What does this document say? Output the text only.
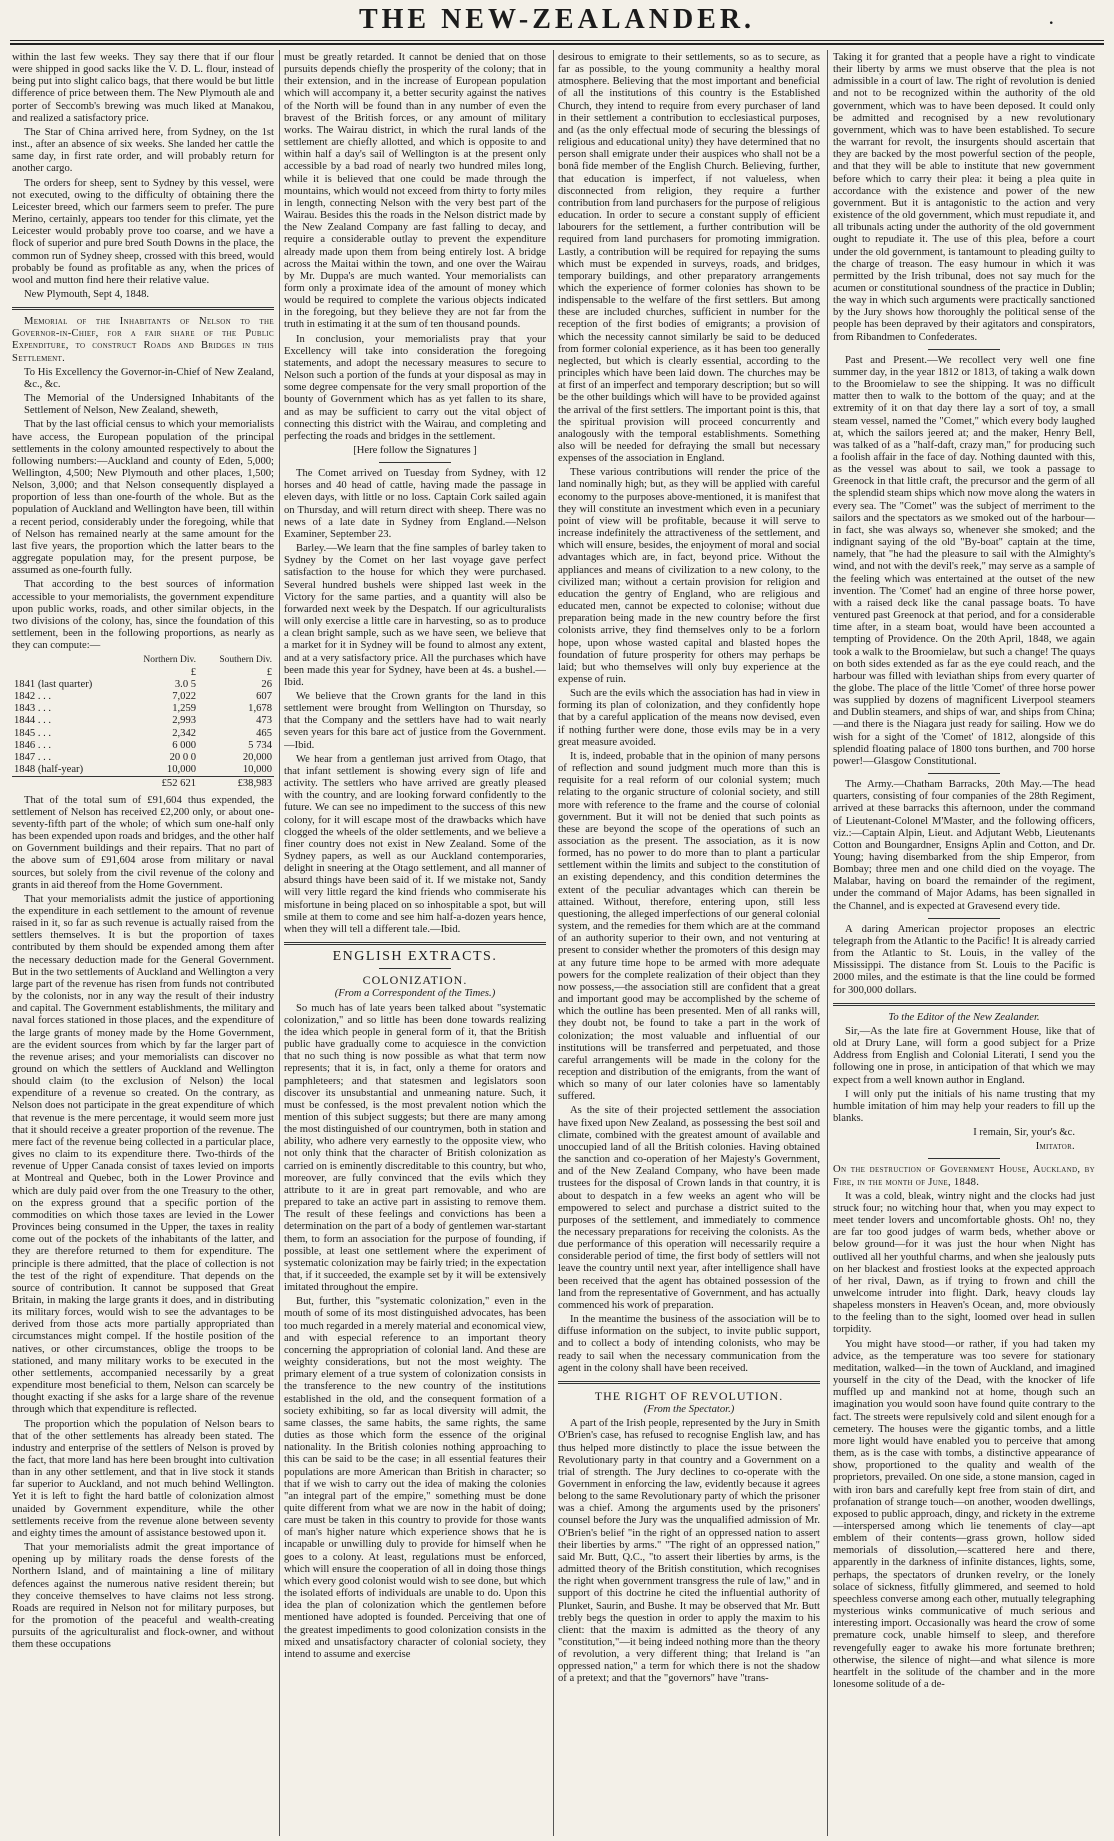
THE NEW-ZEALANDER.	.

within the last few weeks. They say there that if our flour were shipped in good sacks like the V. D. L. flour, instead of being put into slight calico bags, that there would be but little difference of price between them. The New Plymouth ale and porter of Seccomb's brewing was much liked at Manakou, and realized a satisfactory price.

The Star of China arrived here, from Sydney, on the 1st inst., after an absence of six weeks. She landed her cattle the same day, in first rate order, and will probably return for another cargo.

The orders for sheep, sent to Sydney by this vessel, were not executed, owing to the difficulty of obtaining there the Leicester breed, which our farmers seem to prefer. The pure Merino, certainly, appears too tender for this climate, yet the Leicester would probably prove too coarse, and we have a flock of superior and pure bred South Downs in the place, the common run of Sydney sheep, crossed with this breed, would probably be found as profitable as any, when the prices of wool and mutton find here their relative value.

New Plymouth, Sept 4, 1848.

Memorial of the Inhabitants of Nelson to the Governor-in-Chief, for a fair share of the Public Expenditure, to construct Roads and Bridges in this Settlement.

To His Excellency the Governor-in-Chief of New Zealand, &c., &c.

The Memorial of the Undersigned Inhabitants of the Settlement of Nelson, New Zealand, sheweth,

That by the last official census to which your memorialists have access, the European population of the principal settlements in the colony amounted respectively to about the following numbers:—Auckland and county of Eden, 5,000; Wellington, 4,500; New Plymouth and other places, 1,500; Nelson, 3,000; and that Nelson consequently displayed a proportion of less than one-fourth of the whole. But as the population of Auckland and Wellington have been, till within a recent period, considerably under the foregoing, while that of Nelson has remained nearly at the same amount for the last five years, the proportion which the latter bears to the aggregate population may, for the present purpose, be assumed as one-fourth fully.

That according to the best sources of information accessible to your memorialists, the government expenditure upon public works, roads, and other similar objects, in the two divisions of the colony, has, since the foundation of this settlement, been in the following proportions, as nearly as they can compute:—

	Northern Div.	Southern Div.
	£	£
1841 (last quarter)	3.0 5	26
1842 . . .	7,022	607
1843 . . .	1,259	1,678
1844 . . .	2,993	473
1845 . . .	2,342	465
1846 . . .	6 000	5 734
1847 . . .	20 0 0	20,000
1848 (half-year)	10,000	10,000
	£52 621	£38,983

That of the total sum of £91,604 thus expended, the settlement of Nelson has received £2,200 only, or about one-seventy-fifth part of the whole; of which sum one-half only has been expended upon roads and bridges, and the other half on Government buildings and their repairs. That no part of the above sum of £91,604 arose from military or naval sources, but solely from the civil revenue of the colony and grants in aid thereof from the Home Government.

That your memorialists admit the justice of apportioning the expenditure in each settlement to the amount of revenue raised in it, so far as such revenue is actually raised from the settlers themselves. It is but the proportion of taxes contributed by them should be expended among them after the necessary deduction made for the General Government. But in the two settlements of Auckland and Wellington a very large part of the revenue has risen from funds not contributed by the colonists, nor in any way the result of their industry and capital. The Government establishments, the military and naval forces stationed in those places, and the expenditure of the large grants of money made by the Home Government, are the evident sources from which by far the larger part of the revenue arises; and your memorialists can discover no ground on which the settlers of Auckland and Wellington should claim (to the exclusion of Nelson) the local expenditure of a revenue so created. On the contrary, as Nelson does not participate in the great expenditure of which that revenue is the mere percentage, it would seem more just that it should receive a greater proportion of the revenue. The mere fact of the revenue being collected in a particular place, gives no claim to its expenditure there. Two-thirds of the revenue of Upper Canada consist of taxes levied on imports at Montreal and Quebec, both in the Lower Province and which are duly paid over from the one Treasury to the other, on the express ground that a specific portion of the commodities on which those taxes are levied in the Lower Provinces being consumed in the Upper, the taxes in reality come out of the pockets of the inhabitants of the latter, and they are therefore returned to them for expenditure. The principle is there admitted, that the place of collection is not the test of the right of expenditure. That depends on the source of contribution. It cannot be supposed that Great Britain, in making the large grants it does, and in distributing its military forces, would wish to see the advantages to be derived from those acts more partially appropriated than circumstances might compel. If the hostile position of the natives, or other circumstances, oblige the troops to be stationed, and many military works to be executed in the other settlements, accompanied necessarily by a great expenditure most beneficial to them, Nelson can scarcely be thought exacting if she asks for a large share of the revenue through which that expenditure is reflected.

The proportion which the population of Nelson bears to that of the other settlements has already been stated. The industry and enterprise of the settlers of Nelson is proved by the fact, that more land has here been brought into cultivation than in any other settlement, and that in live stock it stands far superior to Auckland, and not much behind Wellington. Yet it is left to fight the hard battle of colonization almost unaided by Government expenditure, while the other settlements receive from the revenue alone between seventy and eighty times the amount of assistance bestowed upon it.

That your memorialists admit the great importance of opening up by military roads the dense forests of the Northern Island, and of maintaining a line of military defences against the numerous native resident therein; but they conceive themselves to have claims not less strong. Roads are required in Nelson not for military purposes, but for the promotion of the peaceful and wealth-creating pursuits of the agriculturalist and flock-owner, and without them these occupations

must be greatly retarded. It cannot be denied that on those pursuits depends chiefly the prosperity of the colony; that in their extension, and in the increase of European population which will accompany it, a better security against the natives of the North will be found than in any number of even the bravest of the British forces, or any amount of military works. The Wairau district, in which the rural lands of the settlement are chiefly allotted, and which is opposite to and within half a day's sail of Wellington is at the present only accessible by a bad road of nearly two hundred miles long, while it is believed that one could be made through the mountains, which would not exceed from thirty to forty miles in length, connecting Nelson with the very best part of the Wairau. Besides this the roads in the Nelson district made by the New Zealand Company are fast falling to decay, and require a considerable outlay to prevent the expenditure already made upon them from being entirely lost. A bridge across the Maitai within the town, and one over the Wairau by Mr. Duppa's are much wanted. Your memorialists can form only a proximate idea of the amount of money which would be required to complete the various objects indicated in the foregoing, but they believe they are not far from the truth in estimating it at the sum of ten thousand pounds.

In conclusion, your memorialists pray that your Excellency will take into consideration the foregoing statements, and adopt the necessary measures to secure to Nelson such a portion of the funds at your disposal as may in some degree compensate for the very small proportion of the bounty of Government which has as yet fallen to its share, and as may be sufficient to carry out the vital object of connecting this district with the Wairau, and completing and perfecting the roads and bridges in the settlement.

[Here follow the Signatures ]

The Comet arrived on Tuesday from Sydney, with 12 horses and 40 head of cattle, having made the passage in eleven days, with little or no loss. Captain Cork sailed again on Thursday, and will return direct with sheep. There was no news of a late date in Sydney from England.—Nelson Examiner, September 23.

Barley.—We learn that the fine samples of barley taken to Sydney by the Comet on her last voyage gave perfect satisfaction to the house for which they were purchased. Several hundred bushels were shipped last week in the Victory for the same parties, and a quantity will also be forwarded next week by the Despatch. If our agriculturalists will only exercise a little care in harvesting, so as to produce a clean bright sample, such as we have seen, we believe that a market for it in Sydney will be found to almost any extent, and at a very satisfactory price. All the purchases which have been made this year for Sydney, have been at 4s. a bushel.—Ibid.

We believe that the Crown grants for the land in this settlement were brought from Wellington on Thursday, so that the Company and the settlers have had to wait nearly seven years for this bare act of justice from the Government.—Ibid.

We hear from a gentleman just arrived from Otago, that that infant settlement is showing every sign of life and activity. The settlers who have arrived are greatly pleased with the country, and are looking forward confidently to the future. We can see no impediment to the success of this new colony, for it will escape most of the drawbacks which have clogged the wheels of the older settlements, and we believe a finer country does not exist in New Zealand. Some of the Sydney papers, as well as our Auckland contemporaries, delight in sneering at the Otago settlement, and all manner of absurd things have been said of it. If we mistake not, Sandy will very little regard the kind friends who commiserate his misfortune in being placed on so inhospitable a spot, but will smile at them to come and see him half-a-dozen years hence, when they will tell a different tale.—Ibid.

ENGLISH EXTRACTS.

COLONIZATION.

(From a Correspondent of the Times.)

So much has of late years been talked about "systematic colonization," and so little has been done towards realizing the idea which people in general form of it, that the British public have gradually come to acquiesce in the conviction that no such thing is now possible as what that term now represents; that it is, in fact, only a theme for orators and pamphleteers; and that statesmen and legislators soon discover its unsubstantial and unmeaning nature. Such, it must be confessed, is the most prevalent notion which the mention of this subject suggests; but there are many among the most distinguished of our countrymen, both in station and ability, who adhere very earnestly to the opposite view, who not only think that the character of British colonization as carried on is eminently discreditable to this country, but who, moreover, are fully convinced that the evils which they attribute to it are in great part removable, and who are prepared to take an active part in assisting to remove them. The result of these feelings and convictions has been a determination on the part of a body of gentlemen war-startant them, to form an association for the purpose of founding, if possible, at least one settlement where the experiment of systematic colonization may be fairly tried; in the expectation that, if it succeeded, the example set by it will be extensively imitated throughout the empire.

But, further, this "systematic colonization," even in the mouth of some of its most distinguished advocates, has been too much regarded in a merely material and economical view, and with especial reference to an important theory concerning the appropriation of colonial land. And these are weighty considerations, but not the most weighty. The primary element of a true system of colonization consists in the transference to the new country of the institutions established in the old, and the consequent formation of a society exhibiting, so far as local diversity will admit, the same classes, the same habits, the same rights, the same duties as those which form the essence of the original nationality. In the British colonies nothing approaching to this can be said to be the case; in all essential features their populations are more American than British in character; so that if we wish to carry out the idea of making the colonies "an integral part of the empire," something must be done quite different from what we are now in the habit of doing; care must be taken in this country to provide for those wants of man's higher nature which experience shows that he is incapable or unwilling duly to provide for himself when he goes to a colony. At least, regulations must be enforced, which will ensure the cooperation of all in doing those things which every good colonist would wish to see done, but which the isolated efforts of individuals are unable to do. Upon this idea the plan of colonization which the gentlemen before mentioned have adopted is founded. Perceiving that one of the greatest impediments to good colonization consists in the mixed and unsatisfactory character of colonial society, they intend to assume and exercise

desirous to emigrate to their settlements, so as to secure, as far as possible, to the young community a healthy moral atmosphere. Believing that the most important and beneficial of all the institutions of this country is the Established Church, they intend to require from every purchaser of land in their settlement a contribution to ecclesiastical purposes, and (as the only effectual mode of securing the blessings of religious and educational unity) they have determined that no person shall emigrate under their auspices who shall not be a bonâ fide member of the English Church. Believing, further, that education is imperfect, if not valueless, when disconnected from religion, they require a further contribution from land purchasers for the purpose of religious education. In order to secure a constant supply of efficient labourers for the settlement, a further contribution will be required from land purchasers for promoting immigration. Lastly, a contribution will be required for repaying the sums which must be expended in surveys, roads, and bridges, temporary buildings, and other preparatory arrangements which the experience of former colonies has shown to be indispensable to the welfare of the first settlers. But among these are included churches, sufficient in number for the reception of the first bodies of emigrants; a provision of which the necessity cannot similarly be said to be deduced from former colonial experience, as it has been too generally neglected, but which is clearly essential, according to the principles which have been laid down. The churches may be at first of an imperfect and temporary description; but so will be the other buildings which will have to be provided against the arrival of the first settlers. The important point is this, that the spiritual provision will proceed concurrently and analogously with the temporal establishments. Something also will be needed for defraying the small but necessary expenses of the association in England.

These various contributions will render the price of the land nominally high; but, as they will be applied with careful economy to the purposes above-mentioned, it is manifest that they will constitute an investment which even in a pecuniary point of view will be profitable, because it will serve to increase indefinitely the attractiveness of the settlement, and which will ensure, besides, the enjoyment of moral and social advantages which are, in fact, beyond price. Without the appliances and means of civilization to a new colony, to the civilized man; without a certain provision for religion and education the gentry of England, who are religious and educated men, cannot be expected to colonise; without due preparation being made in the new country before the first colonists arrive, they find themselves only to be a forlorn hope, upon whose wasted capital and blasted hopes the foundation of future prosperity for others may perhaps be laid; but who themselves will only buy experience at the expense of ruin.

Such are the evils which the association has had in view in forming its plan of colonization, and they confidently hope that by a careful application of the means now devised, even if nothing further were done, those evils may be in a very great measure avoided.

It is, indeed, probable that in the opinion of many persons of reflection and sound judgment much more than this is requisite for a real reform of our colonial system; much relating to the organic structure of colonial society, and still more with reference to the frame and the course of colonial government. But it will not be denied that such points as these are beyond the scope of the operations of such an association as the present. The association, as it is now formed, has no power to do more than to plant a particular settlement within the limits and subject to the constitution of an existing dependency, and this condition determines the extent of the peculiar advantages which can therein be attained. Without, therefore, entering upon, still less questioning, the alleged imperfections of our general colonial system, and the remedies for them which are at the command of an authority superior to their own, and not venturing at present to consider whether the promoters of this design may at any future time hope to be armed with more adequate powers for the complete realization of their object than they now possess,—the association still are confident that a great and important good may be accomplished by the scheme of which the outline has been presented. Men of all ranks will, they doubt not, be found to take a part in the work of colonization; the most valuable and influential of our institutions will be transferred and perpetuated, and those careful arrangements will be made in the colony for the reception and distribution of the emigrants, from the want of which so many of our later colonies have so lamentably suffered.

As the site of their projected settlement the association have fixed upon New Zealand, as possessing the best soil and climate, combined with the greatest amount of available and unoccupied land of all the British colonies. Having obtained the sanction and co-operation of her Majesty's Government, and of the New Zealand Company, who have been made trustees for the disposal of Crown lands in that country, it is about to despatch in a few weeks an agent who will be empowered to select and purchase a district suited to the purposes of the settlement, and immediately to commence the necessary preparations for receiving the colonists. As the due performance of this operation will necessarily require a considerable period of time, the first body of settlers will not leave the country until next year, after intelligence shall have been received that the agent has obtained possession of the land from the representative of Government, and has actually commenced his work of preparation.

In the meantime the business of the association will be to diffuse information on the subject, to invite public support, and to collect a body of intending colonists, who may be ready to sail when the necessary communication from the agent in the colony shall have been received.

THE RIGHT OF REVOLUTION.

(From the Spectator.)

A part of the Irish people, represented by the Jury in Smith O'Brien's case, has refused to recognise English law, and has thus helped more distinctly to place the issue between the Revolutionary party in that country and a Government on a trial of strength. The Jury declines to co-operate with the Government in enforcing the law, evidently because it agrees belong to the same Revolutionary party of which the prisoner was a chief. Among the arguments used by the prisoners' counsel before the Jury was the unqualified admission of Mr. O'Brien's belief "in the right of an oppressed nation to assert their liberties by arms." "The right of an oppressed nation," said Mr. Butt, Q.C., "to assert their liberties by arms, is the admitted theory of the British constitution, which recognises the right when government transgress the rule of law," and in support of this doctrine he cited the influential authority of Plunket, Saurin, and Bushe. It may be observed that Mr. Butt trebly begs the question in order to apply the maxim to his client: that the maxim is admitted as the theory of any "constitution,"—it being indeed nothing more than the theory of revolution, a very different thing; that Ireland is "an oppressed nation," a term for which there is not the shadow of a pretext; and that the "governors" have "trans-

Taking it for granted that a people have a right to vindicate their liberty by arms we must observe that the plea is not admissible in a court of law. The right of revolution is denied and not to be recognized within the authority of the old government, which was to have been deposed. It could only be admitted and recognised by a new revolutionary government, which was to have been established. To secure the warrant for revolt, the insurgents should ascertain that they are backed by the most powerful section of the people, and that they will be able to institute that new government before which to carry their plea: it being a plea quite in accordance with the existence and power of the new government. But it is antagonistic to the action and very existence of the old government, which must repudiate it, and all tribunals acting under the authority of the old government ought to repudiate it. The use of this plea, before a court under the old government, is tantamount to pleading guilty to the charge of treason. The easy humour in which it was permitted by the Irish tribunal, does not say much for the acumen or constitutional soundness of the practice in Dublin; the way in which such arguments were practically sanctioned by the Jury shows how thoroughly the political sense of the people has been depraved by their agitators and conspirators, from Ribandmen to Confederates.

Past and Present.—We recollect very well one fine summer day, in the year 1812 or 1813, of taking a walk down to the Broomielaw to see the shipping. It was no difficult matter then to walk to the bottom of the quay; and at the extremity of it on that day there lay a sort of toy, a small steam vessel, named the "Comet," which every body laughed at, which the sailors jeered at; and the maker, Henry Bell, was talked of as a "half-daft, crazy man," for producing such a foolish affair in the face of day. Nothing daunted with this, as the vessel was about to sail, we took a passage to Greenock in that little craft, the precursor and the germ of all the splendid steam ships which now move along the waters in every sea. The "Comet" was the subject of merriment to the sailors and the spectators as we smoked out of the harbour—in fact, she was always so, whenever she smoked; and the indignant saying of the old "By-boat" captain at the time, namely, that "he had the pleasure to sail with the Almighty's wind, and not with the devil's reek," may serve as a sample of the feeling which was entertained at the outset of the new invention. The 'Comet' had an engine of three horse power, with a raised deck like the canal passage boats. To have ventured past Greenock at that period, and for a considerable time after, in a steam boat, would have been accounted a tempting of Providence. On the 20th April, 1848, we again took a walk to the Broomielaw, but such a change! The quays on both sides extended as far as the eye could reach, and the harbour was filled with leviathan ships from every quarter of the globe. The place of the little 'Comet' of three horse power was supplied by dozens of magnificent Liverpool steamers and Dublin steamers, and ships of war, and ships from China;—and there is the Niagara just ready for sailing. How we do wish for a sight of the 'Comet' of 1812, alongside of this splendid floating palace of 1800 tons burthen, and 700 horse power!—Glasgow Constitutional.

The Army.—Chatham Barracks, 20th May.—The head quarters, consisting of four companies of the 28th Regiment, arrived at these barracks this afternoon, under the command of Lieutenant-Colonel M'Master, and the following officers, viz.:—Captain Alpin, Lieut. and Adjutant Webb, Lieutenants Cotton and Boungardner, Ensigns Aplin and Cotton, and Dr. Young; having disembarked from the ship Emperor, from Bombay; three men and one child died on the voyage. The Malabar, having on board the remainder of the regiment, under the command of Major Adams, has been signalled in the Channel, and is expected at Gravesend every tide.

A daring American projector proposes an electric telegraph from the Atlantic to the Pacific! It is already carried from the Atlantic to St. Louis, in the valley of the Mississippi. The distance from St. Louis to the Pacific is 2000 miles, and the estimate is that the line could be formed for 300,000 dollars.

To the Editor of the New Zealander.

Sir,—As the late fire at Government House, like that of old at Drury Lane, will form a good subject for a Prize Address from English and Colonial Literati, I send you the following one in prose, in anticipation of that which we may expect from a well known author in England.

I will only put the initials of his name trusting that my humble imitation of him may help your readers to fill up the blanks.

I remain, Sir, your's &c.

Imitator.

On the destruction of Government House, Auckland, by Fire, in the month of June, 1848.

It was a cold, bleak, wintry night and the clocks had just struck four; no witching hour that, when you may expect to meet tender lovers and uncomfortable ghosts. Oh! no, they are far too good judges of warm beds, whether above or below ground—for it was just the hour when Night has outlived all her youthful charms, and when she jealously puts on her blackest and frostiest looks at the expected approach of her rival, Dawn, as if trying to frown and chill the unwelcome intruder into flight. Dark, heavy clouds lay shapeless monsters in Heaven's Ocean, and, more obviously to the feeling than to the sight, loomed over head in sullen torpidity.

You might have stood—or rather, if you had taken my advice, as the temperature was too severe for stationary meditation, walked—in the town of Auckland, and imagined yourself in the city of the Dead, with the knocker of life muffled up and mankind not at home, though such an imagination you would soon have found quite contrary to the fact. The streets were repulsively cold and silent enough for a cemetery. The houses were the gigantic tombs, and a little more light would have enabled you to perceive that among them, as is the case with tombs, a distinctive appearance of show, proportioned to the quality and wealth of the proprietors, prevailed. On one side, a stone mansion, caged in with iron bars and carefully kept free from stain of dirt, and profanation of strange touch—on another, wooden dwellings, exposed to public approach, dingy, and rickety in the extreme—interspersed among which lie tenements of clay—apt emblem of their contents—grass grown, hollow sided memorials of dissolution,—scattered here and there, apparently in the darkness of infinite distances, lights, some, perhaps, the spectators of drunken revelry, or the lonely solace of sickness, fitfully glimmered, and seemed to hold speechless converse among each other, mutually telegraphing mysterious winks communicative of much serious and interesting import. Occasionally was heard the crow of some premature cock, unable himself to sleep, and therefore revengefully eager to awake his more fortunate brethren; otherwise, the silence of night—and what silence is more heartfelt in the solitude of the chamber and in the more lonesome solitude of a de-
